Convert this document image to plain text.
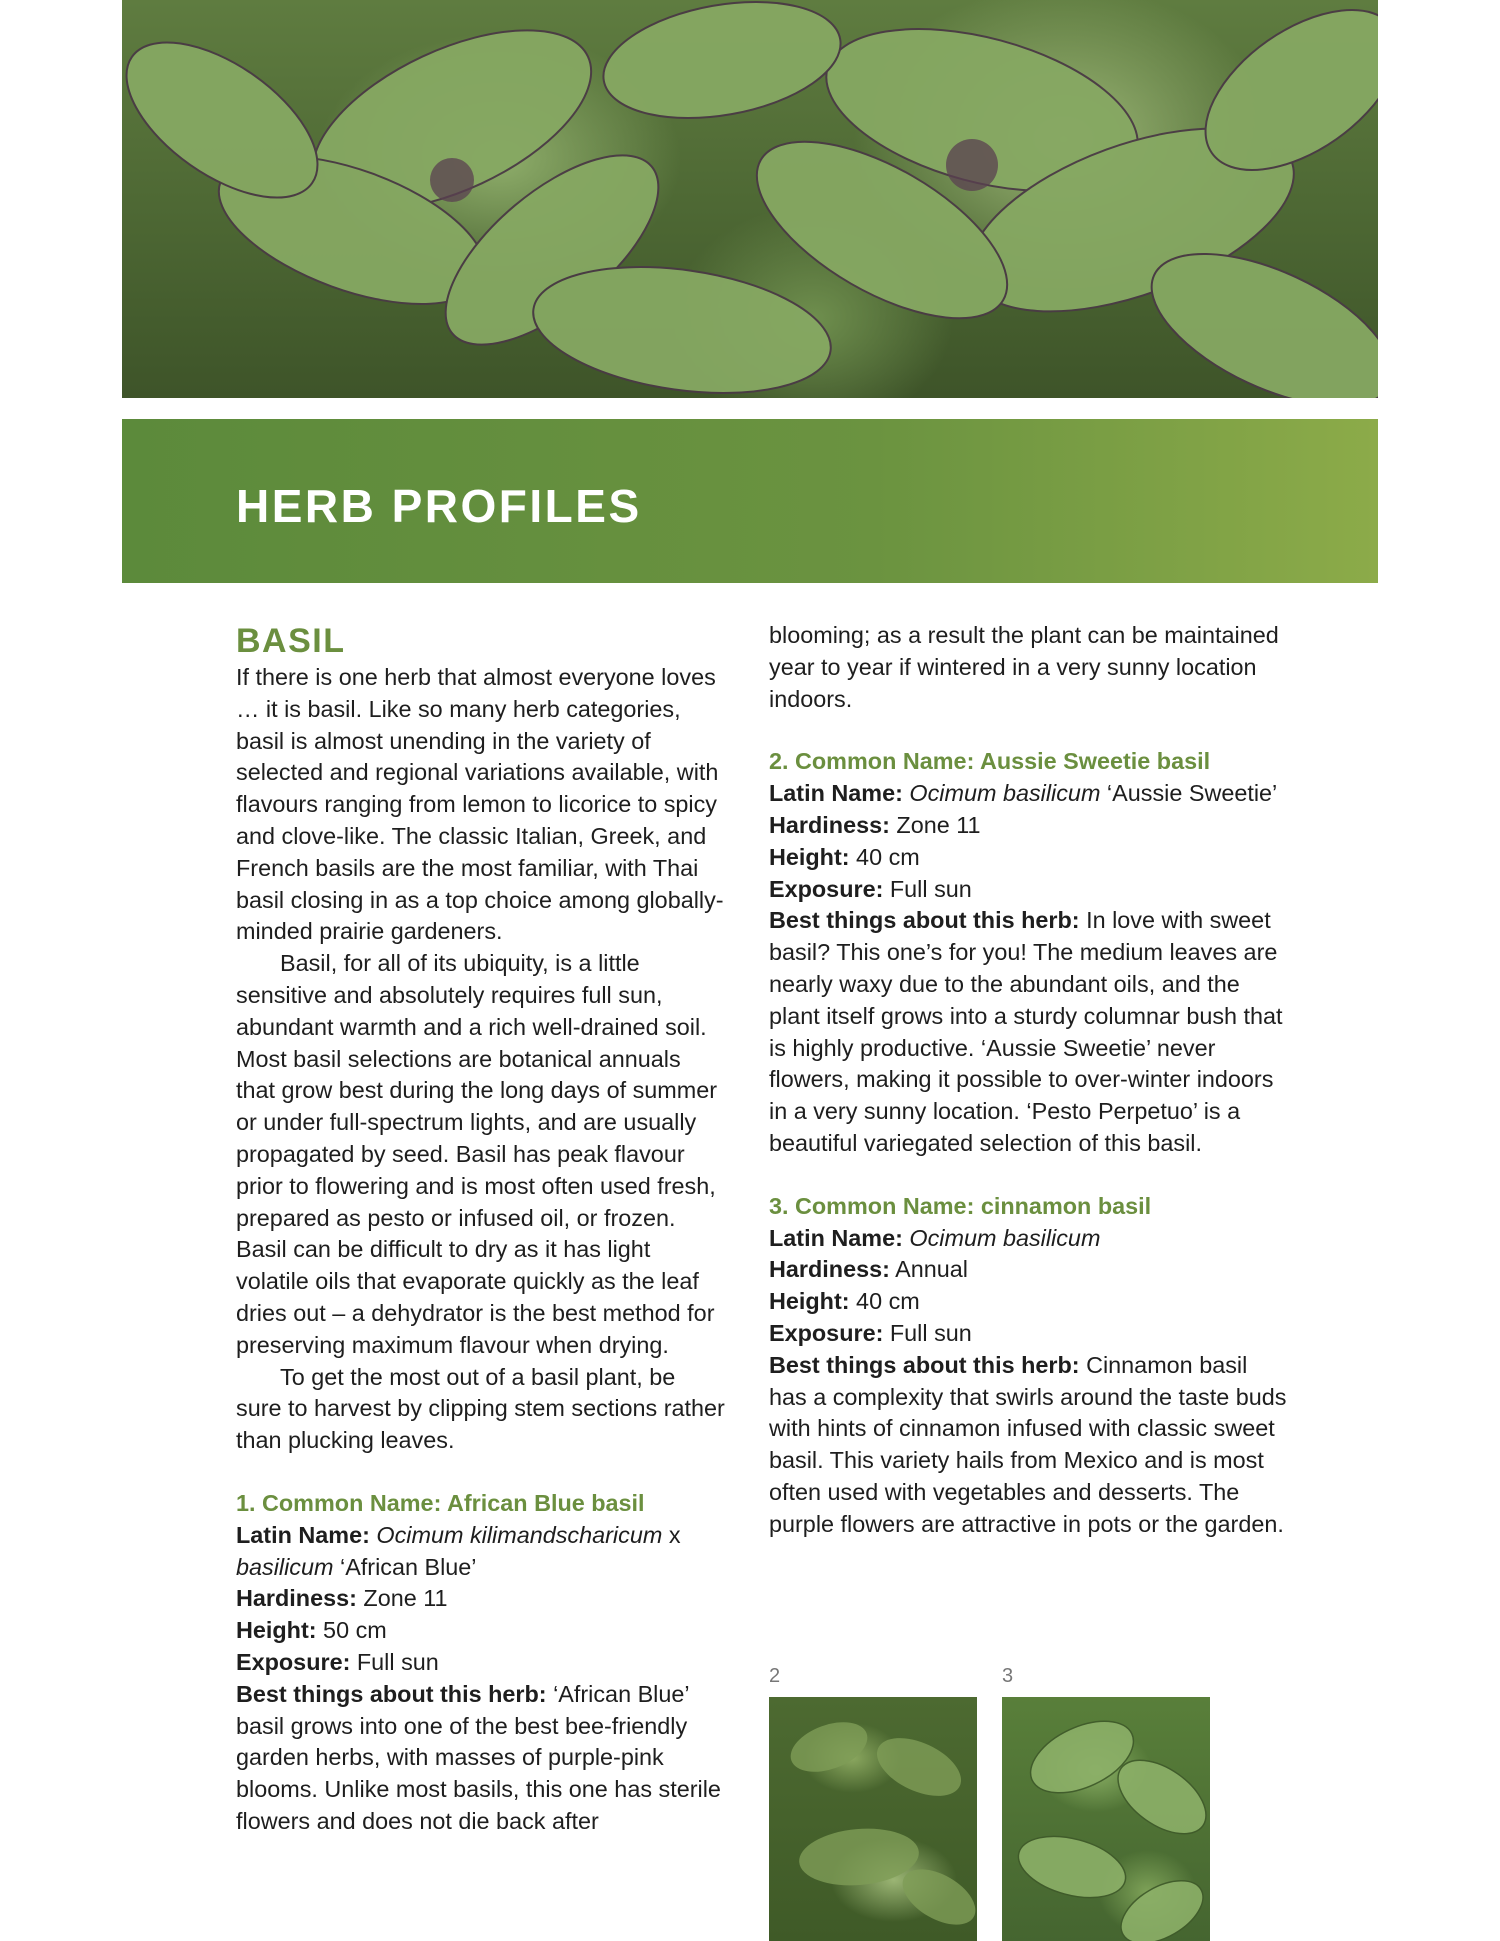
HERB PROFILES
BASIL

If there is one herb that almost everyone loves … it is basil. Like so many herb categories, basil is almost unending in the variety of selected and regional variations available, with flavours ranging from lemon to licorice to spicy and clove-like. The classic Italian, Greek, and French basils are the most familiar, with Thai basil closing in as a top choice among globally-minded prairie gardeners.

Basil, for all of its ubiquity, is a little sensitive and absolutely requires full sun, abundant warmth and a rich well-drained soil. Most basil selections are botanical annuals that grow best during the long days of summer or under full-spectrum lights, and are usually propagated by seed. Basil has peak flavour prior to flowering and is most often used fresh, prepared as pesto or infused oil, or frozen. Basil can be difficult to dry as it has light volatile oils that evaporate quickly as the leaf dries out – a dehydrator is the best method for preserving maximum flavour when drying.

To get the most out of a basil plant, be sure to harvest by clipping stem sections rather than plucking leaves.

1. Common Name: African Blue basil

Latin Name: Ocimum kilimandscharicum x basilicum ‘African Blue’

Hardiness: Zone 11

Height: 50 cm

Exposure: Full sun

Best things about this herb: ‘African Blue’ basil grows into one of the best bee-friendly garden herbs, with masses of purple-pink blooms. Unlike most basils, this one has sterile flowers and does not die back after

blooming; as a result the plant can be maintained year to year if wintered in a very sunny location indoors.

2. Common Name: Aussie Sweetie basil

Latin Name: Ocimum basilicum ‘Aussie Sweetie’

Hardiness: Zone 11

Height: 40 cm

Exposure: Full sun

Best things about this herb: In love with sweet basil? This one’s for you! The medium leaves are nearly waxy due to the abundant oils, and the plant itself grows into a sturdy columnar bush that is highly productive. ‘Aussie Sweetie’ never flowers, making it possible to over-winter indoors in a very sunny location. ‘Pesto Perpetuo’ is a beautiful variegated selection of this basil.

3. Common Name: cinnamon basil

Latin Name: Ocimum basilicum

Hardiness: Annual

Height: 40 cm

Exposure: Full sun

Best things about this herb: Cinnamon basil has a complexity that swirls around the taste buds with hints of cinnamon infused with classic sweet basil. This variety hails from Mexico and is most often used with vegetables and desserts. The purple flowers are attractive in pots or the garden.

2	3
